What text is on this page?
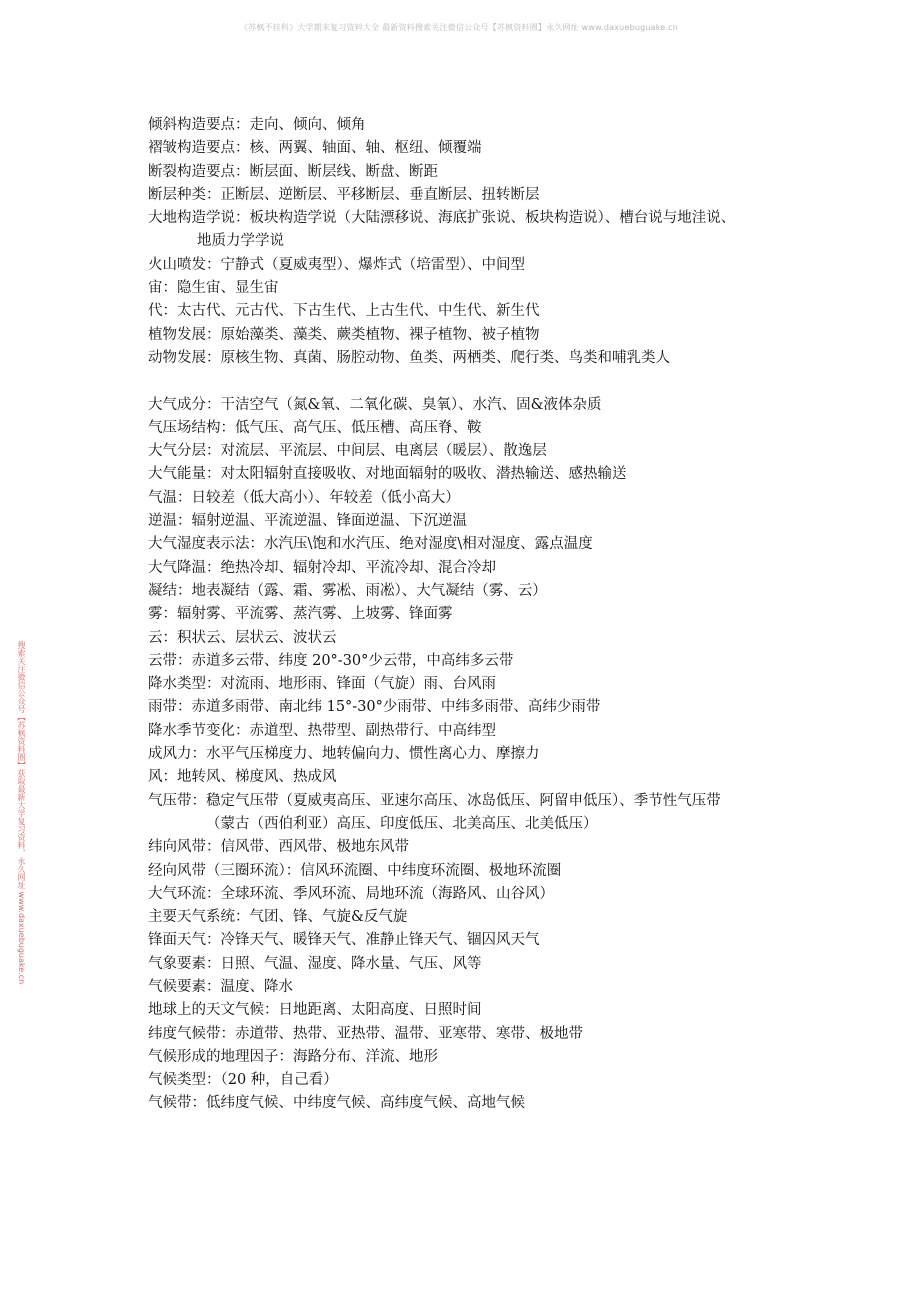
《苏枫不挂科》大学期末复习资料大全 最新资料搜索关注微信公众号【苏枫资料圈】永久网址 www.daxuebuguake.cn
搜索关注微信公众号【苏枫资料圈】获取最新大学复习资料，永久网址 www.daxuebuguake.cn
倾斜构造要点：走向、倾向、倾角
褶皱构造要点：核、两翼、轴面、轴、枢纽、倾覆端
断裂构造要点：断层面、断层线、断盘、断距
断层种类：正断层、逆断层、平移断层、垂直断层、扭转断层
大地构造学说：板块构造学说（大陆漂移说、海底扩张说、板块构造说）、槽台说与地洼说、
地质力学学说
火山喷发：宁静式（夏威夷型）、爆炸式（培雷型）、中间型
宙：隐生宙、显生宙
代：太古代、元古代、下古生代、上古生代、中生代、新生代
植物发展：原始藻类、藻类、蕨类植物、裸子植物、被子植物
动物发展：原核生物、真菌、肠腔动物、鱼类、两栖类、爬行类、鸟类和哺乳类人
大气成分：干洁空气（氮&氧、二氧化碳、臭氧）、水汽、固&液体杂质
气压场结构：低气压、高气压、低压槽、高压脊、鞍
大气分层：对流层、平流层、中间层、电离层（暖层）、散逸层
大气能量：对太阳辐射直接吸收、对地面辐射的吸收、潜热输送、感热输送
气温：日较差（低大高小）、年较差（低小高大）
逆温：辐射逆温、平流逆温、锋面逆温、下沉逆温
大气湿度表示法：水汽压\饱和水汽压、绝对湿度\相对湿度、露点温度
大气降温：绝热冷却、辐射冷却、平流冷却、混合冷却
凝结：地表凝结（露、霜、雾凇、雨凇）、大气凝结（雾、云）
雾：辐射雾、平流雾、蒸汽雾、上坡雾、锋面雾
云：积状云、层状云、波状云
云带：赤道多云带、纬度 20°-30°少云带，中高纬多云带
降水类型：对流雨、地形雨、锋面（气旋）雨、台风雨
雨带：赤道多雨带、南北纬 15°-30°少雨带、中纬多雨带、高纬少雨带
降水季节变化：赤道型、热带型、副热带行、中高纬型
成风力：水平气压梯度力、地转偏向力、惯性离心力、摩擦力
风：地转风、梯度风、热成风
气压带：稳定气压带（夏威夷高压、亚速尔高压、冰岛低压、阿留申低压）、季节性气压带
（蒙古（西伯利亚）高压、印度低压、北美高压、北美低压）
纬向风带：信风带、西风带、极地东风带
经向风带（三圈环流）：信风环流圈、中纬度环流圈、极地环流圈
大气环流：全球环流、季风环流、局地环流（海路风、山谷风）
主要天气系统：气团、锋、气旋&反气旋
锋面天气：冷锋天气、暖锋天气、准静止锋天气、锢囚风天气
气象要素：日照、气温、湿度、降水量、气压、风等
气候要素：温度、降水
地球上的天文气候：日地距离、太阳高度、日照时间
纬度气候带：赤道带、热带、亚热带、温带、亚寒带、寒带、极地带
气候形成的地理因子：海路分布、洋流、地形
气候类型：（20 种，自己看）
气候带：低纬度气候、中纬度气候、高纬度气候、高地气候
